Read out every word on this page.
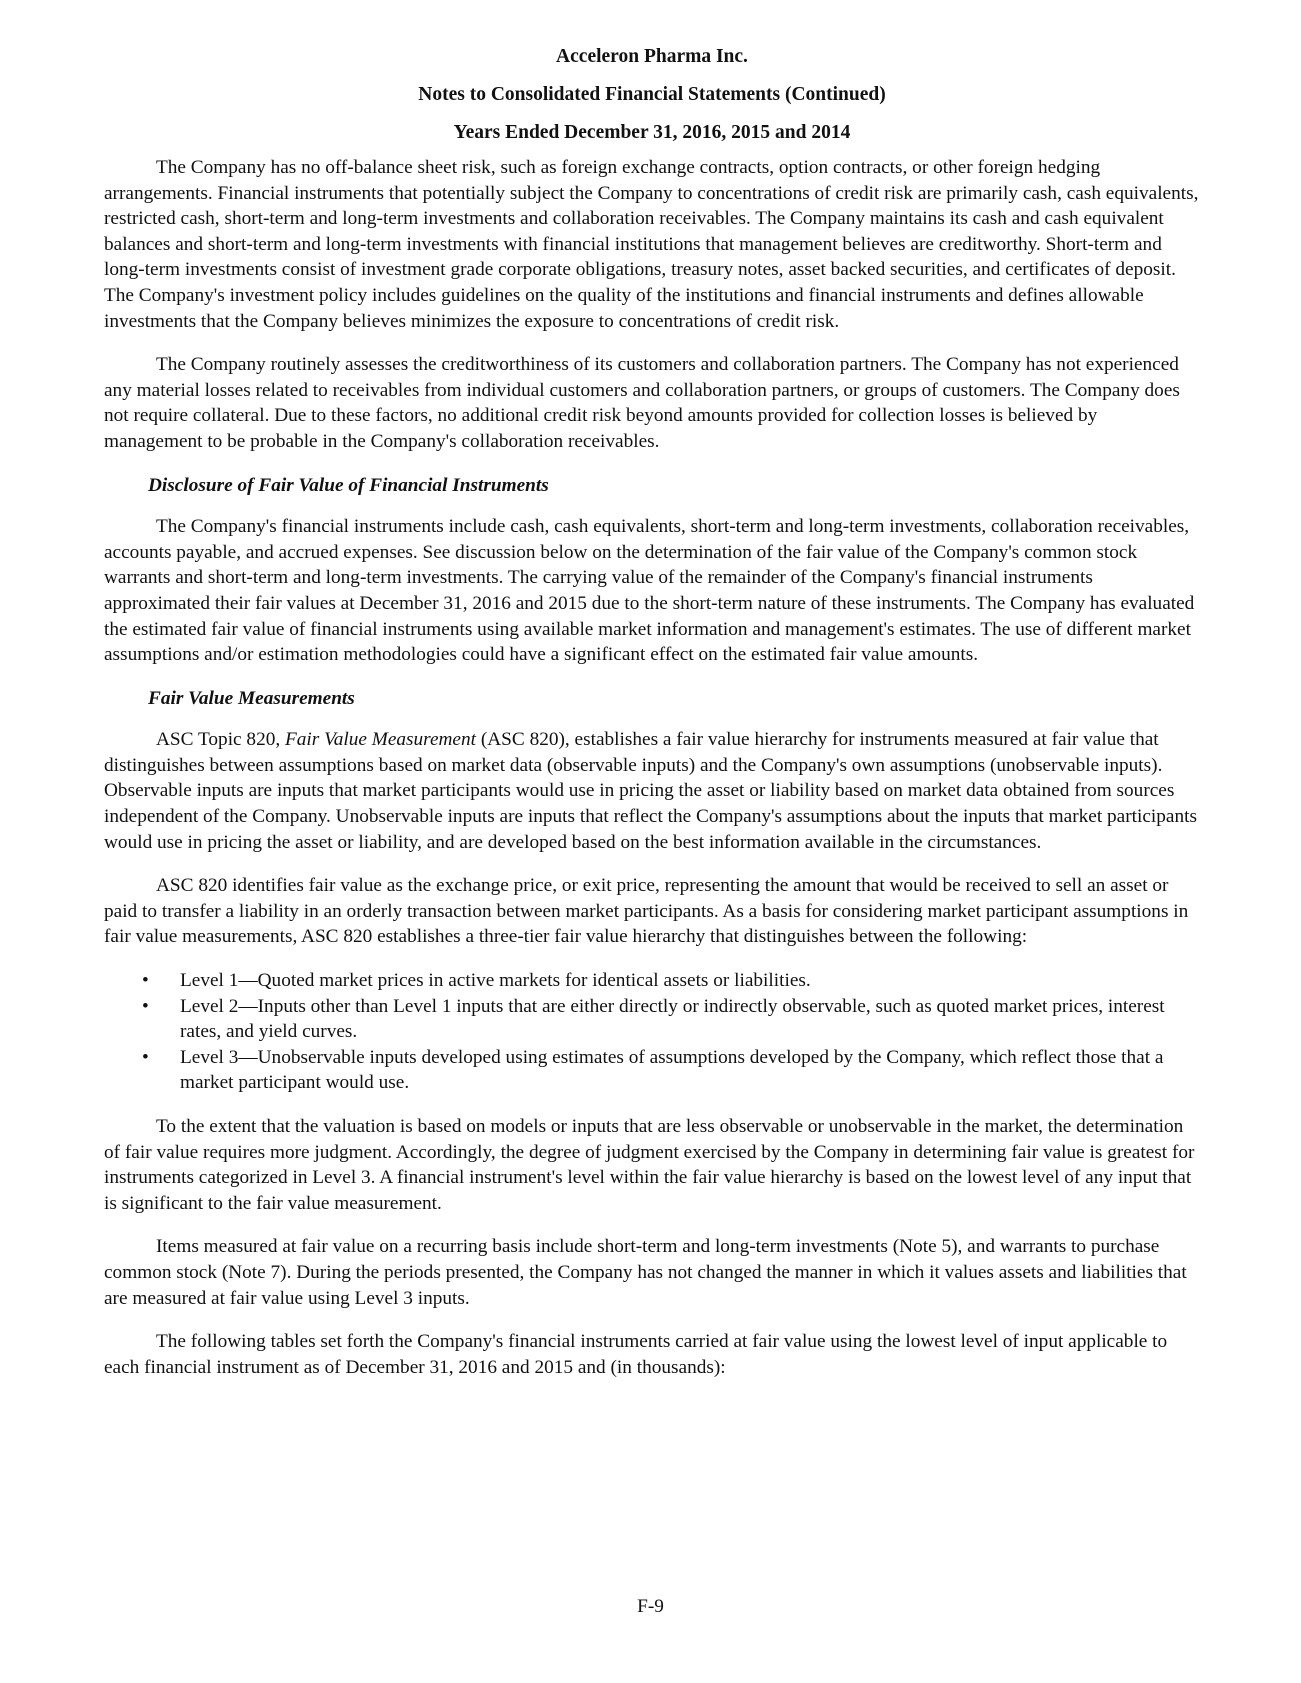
Acceleron Pharma Inc.
Notes to Consolidated Financial Statements (Continued)
Years Ended December 31, 2016, 2015 and 2014

The Company has no off-balance sheet risk, such as foreign exchange contracts, option contracts, or other foreign hedging arrangements. Financial instruments that potentially subject the Company to concentrations of credit risk are primarily cash, cash equivalents, restricted cash, short-term and long-term investments and collaboration receivables. The Company maintains its cash and cash equivalent balances and short-term and long-term investments with financial institutions that management believes are creditworthy. Short-term and long-term investments consist of investment grade corporate obligations, treasury notes, asset backed securities, and certificates of deposit. The Company's investment policy includes guidelines on the quality of the institutions and financial instruments and defines allowable investments that the Company believes minimizes the exposure to concentrations of credit risk.

The Company routinely assesses the creditworthiness of its customers and collaboration partners. The Company has not experienced any material losses related to receivables from individual customers and collaboration partners, or groups of customers. The Company does not require collateral. Due to these factors, no additional credit risk beyond amounts provided for collection losses is believed by management to be probable in the Company's collaboration receivables.

Disclosure of Fair Value of Financial Instruments

The Company's financial instruments include cash, cash equivalents, short-term and long-term investments, collaboration receivables, accounts payable, and accrued expenses. See discussion below on the determination of the fair value of the Company's common stock warrants and short-term and long-term investments. The carrying value of the remainder of the Company's financial instruments approximated their fair values at December 31, 2016 and 2015 due to the short-term nature of these instruments. The Company has evaluated the estimated fair value of financial instruments using available market information and management's estimates. The use of different market assumptions and/or estimation methodologies could have a significant effect on the estimated fair value amounts.

Fair Value Measurements

ASC Topic 820, Fair Value Measurement (ASC 820), establishes a fair value hierarchy for instruments measured at fair value that distinguishes between assumptions based on market data (observable inputs) and the Company's own assumptions (unobservable inputs). Observable inputs are inputs that market participants would use in pricing the asset or liability based on market data obtained from sources independent of the Company. Unobservable inputs are inputs that reflect the Company's assumptions about the inputs that market participants would use in pricing the asset or liability, and are developed based on the best information available in the circumstances.

ASC 820 identifies fair value as the exchange price, or exit price, representing the amount that would be received to sell an asset or paid to transfer a liability in an orderly transaction between market participants. As a basis for considering market participant assumptions in fair value measurements, ASC 820 establishes a three-tier fair value hierarchy that distinguishes between the following:

• Level 1—Quoted market prices in active markets for identical assets or liabilities.
• Level 2—Inputs other than Level 1 inputs that are either directly or indirectly observable, such as quoted market prices, interest rates, and yield curves.
• Level 3—Unobservable inputs developed using estimates of assumptions developed by the Company, which reflect those that a market participant would use.

To the extent that the valuation is based on models or inputs that are less observable or unobservable in the market, the determination of fair value requires more judgment. Accordingly, the degree of judgment exercised by the Company in determining fair value is greatest for instruments categorized in Level 3. A financial instrument's level within the fair value hierarchy is based on the lowest level of any input that is significant to the fair value measurement.

Items measured at fair value on a recurring basis include short-term and long-term investments (Note 5), and warrants to purchase common stock (Note 7). During the periods presented, the Company has not changed the manner in which it values assets and liabilities that are measured at fair value using Level 3 inputs.

The following tables set forth the Company's financial instruments carried at fair value using the lowest level of input applicable to each financial instrument as of December 31, 2016 and 2015 and (in thousands):

F-9
